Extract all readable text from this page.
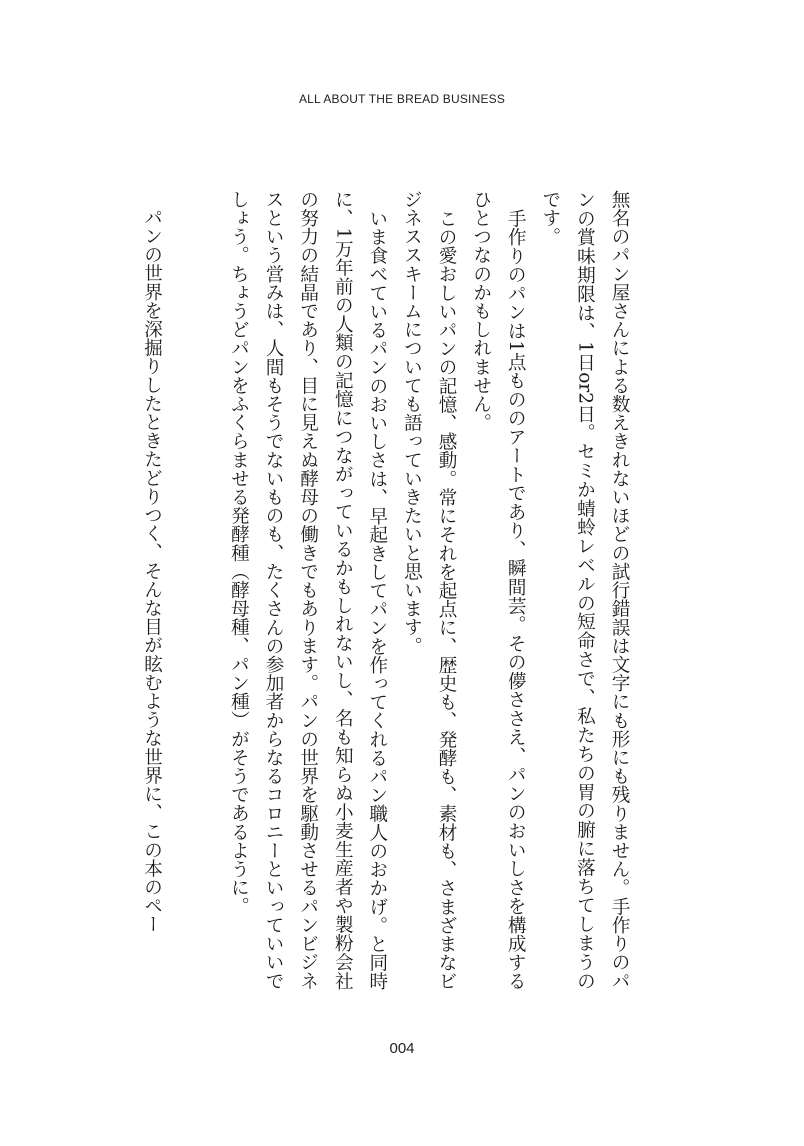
ALL ABOUT THE BREAD BUSINESS

無名のパン屋さんによる数えきれないほどの試行錯誤は文字にも形にも残りません。手作りのパンの賞味期限は、1日or2日。セミか蜻蛉レベルの短命さで、私たちの胃の腑に落ちてしまうのです。

手作りのパンは1点もののアートであり、瞬間芸。その儚ささえ、パンのおいしさを構成するひとつなのかもしれません。

この愛おしいパンの記憶、感動。常にそれを起点に、歴史も、発酵も、素材も、さまざまなビジネススキームについても語っていきたいと思います。

いま食べているパンのおいしさは、早起きしてパンを作ってくれるパン職人のおかげ。と同時に、1万年前の人類の記憶につながっているかもしれないし、名も知らぬ小麦生産者や製粉会社の努力の結晶であり、目に見えぬ酵母の働きでもあります。パンの世界を駆動させるパンビジネスという営みは、人間もそうでないものも、たくさんの参加者からなるコロニーといっていいでしょう。ちょうどパンをふくらませる発酵種（酵母種、パン種）がそうであるように。

パンの世界を深掘りしたときたどりつく、そんな目が眩むような世界に、この本のペー
004
